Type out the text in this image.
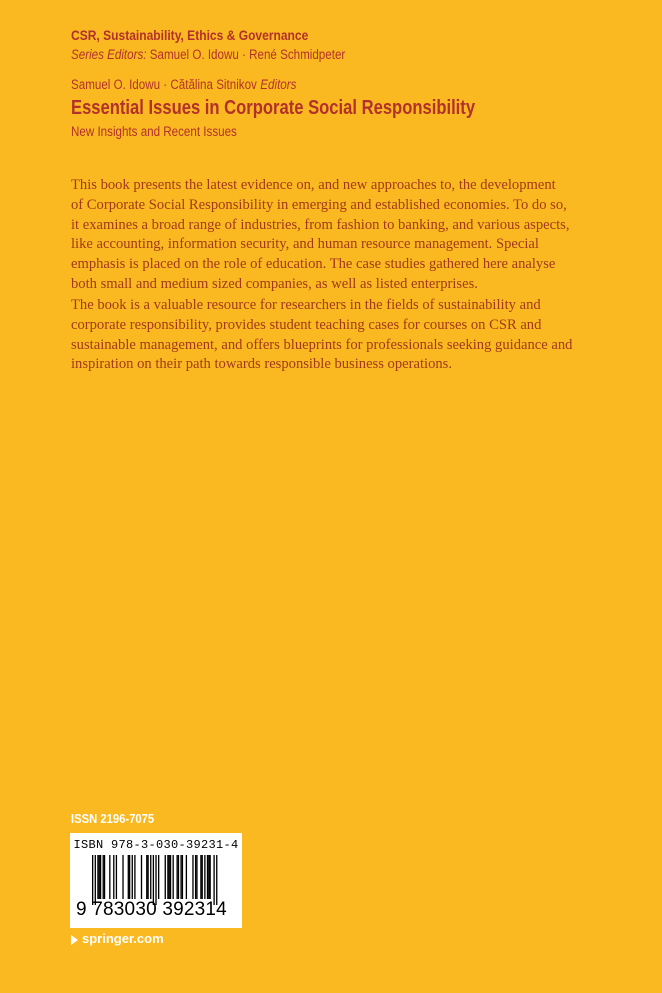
CSR, Sustainability, Ethics & Governance
Series Editors: Samuel O. Idowu · René Schmidpeter
Samuel O. Idowu · Cătălina Sitnikov Editors
Essential Issues in Corporate Social Responsibility
New Insights and Recent Issues
This book presents the latest evidence on, and new approaches to, the development
of Corporate Social Responsibility in emerging and established economies. To do so,
it examines a broad range of industries, from fashion to banking, and various aspects,
like accounting, information security, and human resource management. Special
emphasis is placed on the role of education. The case studies gathered here analyse
both small and medium sized companies, as well as listed enterprises.
The book is a valuable resource for researchers in the fields of sustainability and
corporate responsibility, provides student teaching cases for courses on CSR and
sustainable management, and offers blueprints for professionals seeking guidance and
inspiration on their path towards responsible business operations.
ISSN 2196-7075
ISBN 978-3-030-39231-4
9 783030 392314
springer.com
